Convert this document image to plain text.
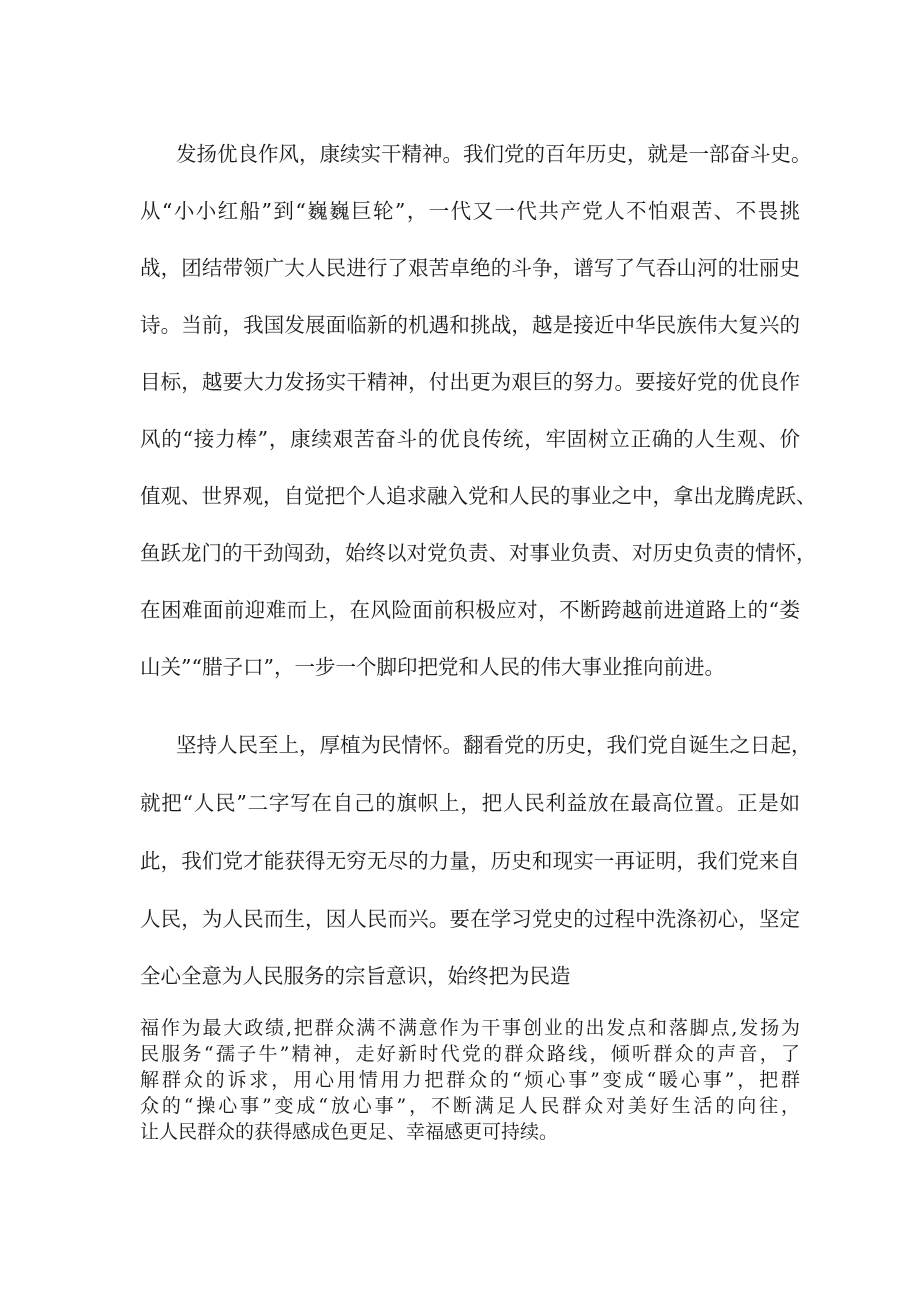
发扬优良作风，康续实干精神。我们党的百年历史，就是一部奋斗史。
从“小小红船”到“巍巍巨轮”，一代又一代共产党人不怕艰苦、不畏挑
战，团结带领广大人民进行了艰苦卓绝的斗争，谱写了气吞山河的壮丽史
诗。当前，我国发展面临新的机遇和挑战，越是接近中华民族伟大复兴的
目标，越要大力发扬实干精神，付出更为艰巨的努力。要接好党的优良作
风的“接力棒”，康续艰苦奋斗的优良传统，牢固树立正确的人生观、价
值观、世界观，自觉把个人追求融入党和人民的事业之中，拿出龙腾虎跃、
鱼跃龙门的干劲闯劲，始终以对党负责、对事业负责、对历史负责的情怀，
在困难面前迎难而上，在风险面前积极应对，不断跨越前进道路上的“娄
山关”“腊子口”，一步一个脚印把党和人民的伟大事业推向前进。
坚持人民至上，厚植为民情怀。翻看党的历史，我们党自诞生之日起，
就把“人民”二字写在自己的旗帜上，把人民利益放在最高位置。正是如
此，我们党才能获得无穷无尽的力量，历史和现实一再证明，我们党来自
人民，为人民而生，因人民而兴。要在学习党史的过程中洗涤初心，坚定
全心全意为人民服务的宗旨意识，始终把为民造
福作为最大政绩,把群众满不满意作为干事创业的出发点和落脚点,发扬为
民服务“孺子牛”精神，走好新时代党的群众路线，倾听群众的声音，了
解群众的诉求，用心用情用力把群众的“烦心事”变成“暖心事”，把群
众的“操心事”变成“放心事”，不断满足人民群众对美好生活的向往，
让人民群众的获得感成色更足、幸福感更可持续。
